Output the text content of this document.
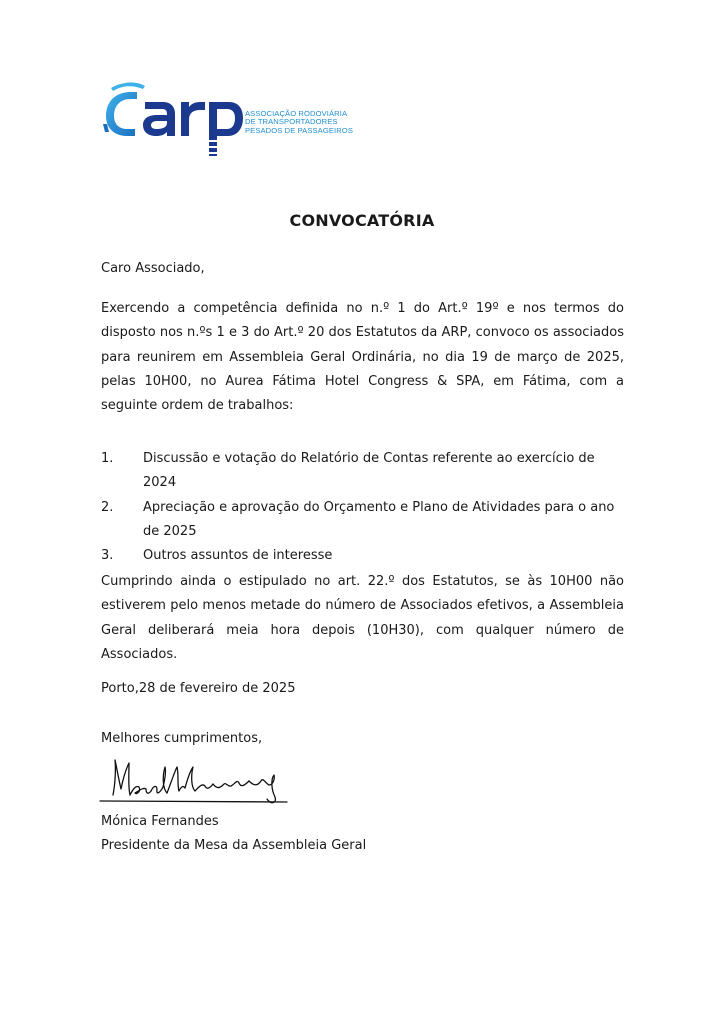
ASSOCIAÇÃO RODOVIÁRIA
DE TRANSPORTADORES
PESADOS DE PASSAGEIROS
CONVOCATÓRIA
Caro Associado,
Exercendo a competência definida no n.º 1 do Art.º 19º e nos termos do disposto nos n.ºs 1 e 3 do Art.º 20 dos Estatutos da ARP, convoco os associados para reunirem em Assembleia Geral Ordinária, no dia 19 de março de 2025, pelas 10H00, no Aurea Fátima Hotel Congress & SPA, em Fátima, com a seguinte ordem de trabalhos:
1. Discussão e votação do Relatório de Contas referente ao exercício de 2024
2. Apreciação e aprovação do Orçamento e Plano de Atividades para o ano de 2025
3. Outros assuntos de interesse
Cumprindo ainda o estipulado no art. 22.º dos Estatutos, se às 10H00 não estiverem pelo menos metade do número de Associados efetivos, a Assembleia Geral deliberará meia hora depois (10H30), com qualquer número de Associados.
Porto,28 de fevereiro de 2025
Melhores cumprimentos,
Mónica Fernandes
Presidente da Mesa da Assembleia Geral
